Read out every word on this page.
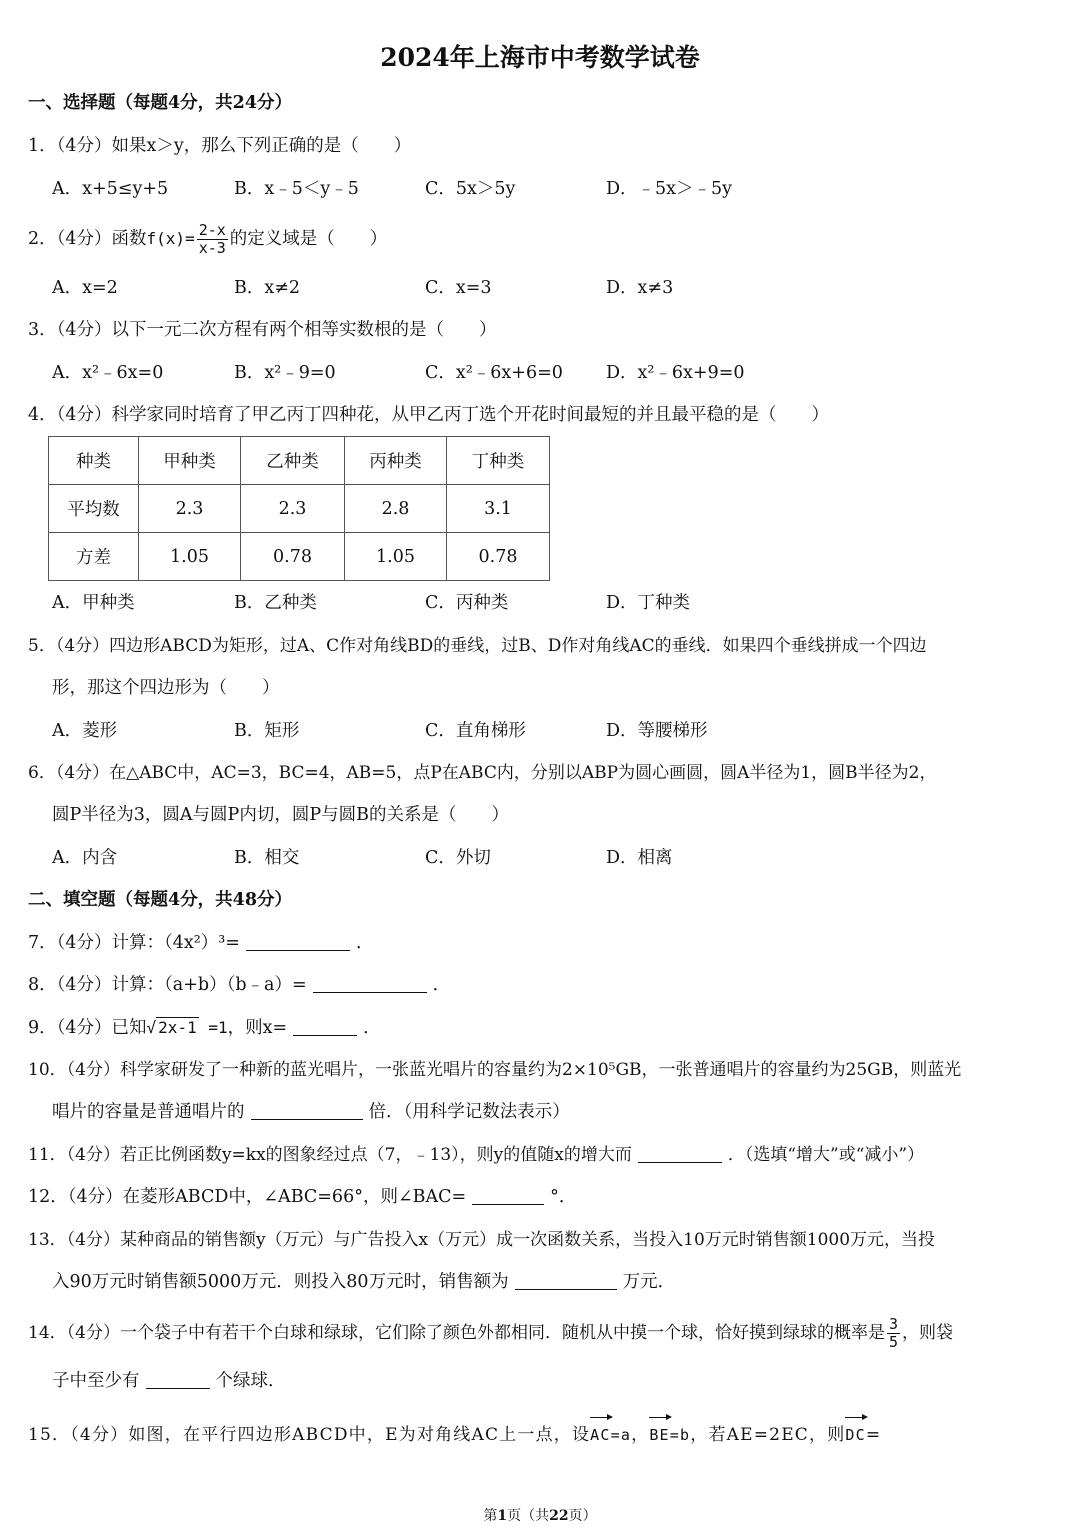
2024年上海市中考数学试卷
一、选择题（每题4分，共24分）
1．（4分）如果x＞y，那么下列正确的是（　　）
A．x+5≤y+5	B．x﹣5＜y﹣5	C．5x＞5y	D．﹣5x＞﹣5y
2．（4分）函数$f(x)= \frac{2-x}{x-3}$ 的定义域是（　　）
A．x=2	B．x≠2	C．x=3	D．x≠3
3．（4分）以下一元二次方程有两个相等实数根的是（　　）
A．x²﹣6x=0	B．x²﹣9=0	C．x²﹣6x+6=0 D．x²﹣6x+9=0
4．（4分）科学家同时培育了甲乙丙丁四种花，从甲乙丙丁选个开花时间最短的并且最平稳的是（　　）
种类	甲种类	乙种类	丙种类	丁种类
平均数	2.3	2.3	2.8	3.1
方差	1.05	0.78	1.05	0.78
A．甲种类	B．乙种类	C．丙种类	D．丁种类
5．（4分）四边形ABCD为矩形，过A、C作对角线BD的垂线，过B、D作对角线AC的垂线．如果四个垂线拼成一个四边
形，那这个四边形为（　　）
A．菱形	B．矩形	C．直角梯形	D．等腰梯形
6．（4分）在△ABC中，AC=3，BC=4，AB=5，点P在ABC内，分别以ABP为圆心画圆，圆A半径为1，圆B半径为2，
圆P半径为3，圆A与圆P内切，圆P与圆B的关系是（　　）
A．内含	B．相交	C．外切	D．相离
二、填空题（每题4分，共48分）
7．（4分）计算：（4x²）³=	．
8．（4分）计算：（a+b）（b﹣a）=	．
9．（4分）已知√ 2x-1 =1，则x=	．
10．（4分）科学家研发了一种新的蓝光唱片，一张蓝光唱片的容量约为2×10⁵GB，一张普通唱片的容量约为25GB，则蓝光
唱片的容量是普通唱片的	倍．（用科学记数法表示）
11．（4分）若正比例函数y=kx的图象经过点（7，﹣13），则y的值随x的增大而	．（选填“增大”或“减小”）
12．（4分）在菱形ABCD中，∠ABC=66°，则∠BAC=	°．
13．（4分）某种商品的销售额y（万元）与广告投入x（万元）成一次函数关系，当投入10万元时销售额1000万元，当投
入90万元时销售额5000万元．则投入80万元时，销售额为	万元．
14．（4分）一个袋子中有若干个白球和绿球，它们除了颜色外都相同．随机从中摸一个球，恰好摸到绿球的概率是 $\frac{3}{5}$ ，则袋
子中至少有	个绿球．
15．（4分）如图，在平行四边形ABCD中，E为对角线AC上一点，设
AC=a，
BE=b，若AE=2EC，则
DC=
第1页（共22页）
